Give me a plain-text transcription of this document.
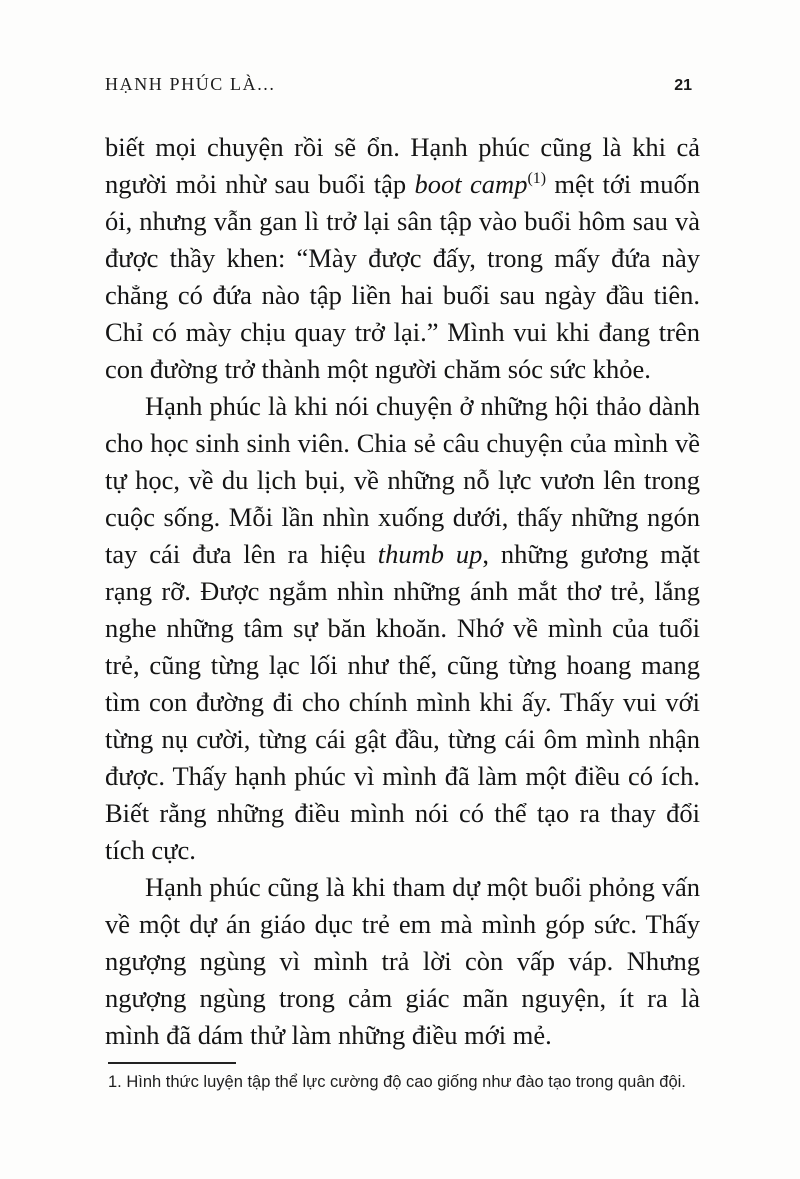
HẠNH PHÚC LÀ...	21

biết mọi chuyện rồi sẽ ổn. Hạnh phúc cũng là khi cả người mỏi nhừ sau buổi tập boot camp$^{(1)}$ mệt tới muốn ói, nhưng vẫn gan lì trở lại sân tập vào buổi hôm sau và được thầy khen: “Mày được đấy, trong mấy đứa này chẳng có đứa nào tập liền hai buổi sau ngày đầu tiên. Chỉ có mày chịu quay trở lại.” Mình vui khi đang trên con đường trở thành một người chăm sóc sức khỏe.

Hạnh phúc là khi nói chuyện ở những hội thảo dành cho học sinh sinh viên. Chia sẻ câu chuyện của mình về tự học, về du lịch bụi, về những nỗ lực vươn lên trong cuộc sống. Mỗi lần nhìn xuống dưới, thấy những ngón tay cái đưa lên ra hiệu thumb up, những gương mặt rạng rỡ. Được ngắm nhìn những ánh mắt thơ trẻ, lắng nghe những tâm sự băn khoăn. Nhớ về mình của tuổi trẻ, cũng từng lạc lối như thế, cũng từng hoang mang tìm con đường đi cho chính mình khi ấy. Thấy vui với từng nụ cười, từng cái gật đầu, từng cái ôm mình nhận được. Thấy hạnh phúc vì mình đã làm một điều có ích. Biết rằng những điều mình nói có thể tạo ra thay đổi tích cực.

Hạnh phúc cũng là khi tham dự một buổi phỏng vấn về một dự án giáo dục trẻ em mà mình góp sức. Thấy ngượng ngùng vì mình trả lời còn vấp váp. Nhưng ngượng ngùng trong cảm giác mãn nguyện, ít ra là mình đã dám thử làm những điều mới mẻ.

1. Hình thức luyện tập thể lực cường độ cao giống như đào tạo trong quân đội.
